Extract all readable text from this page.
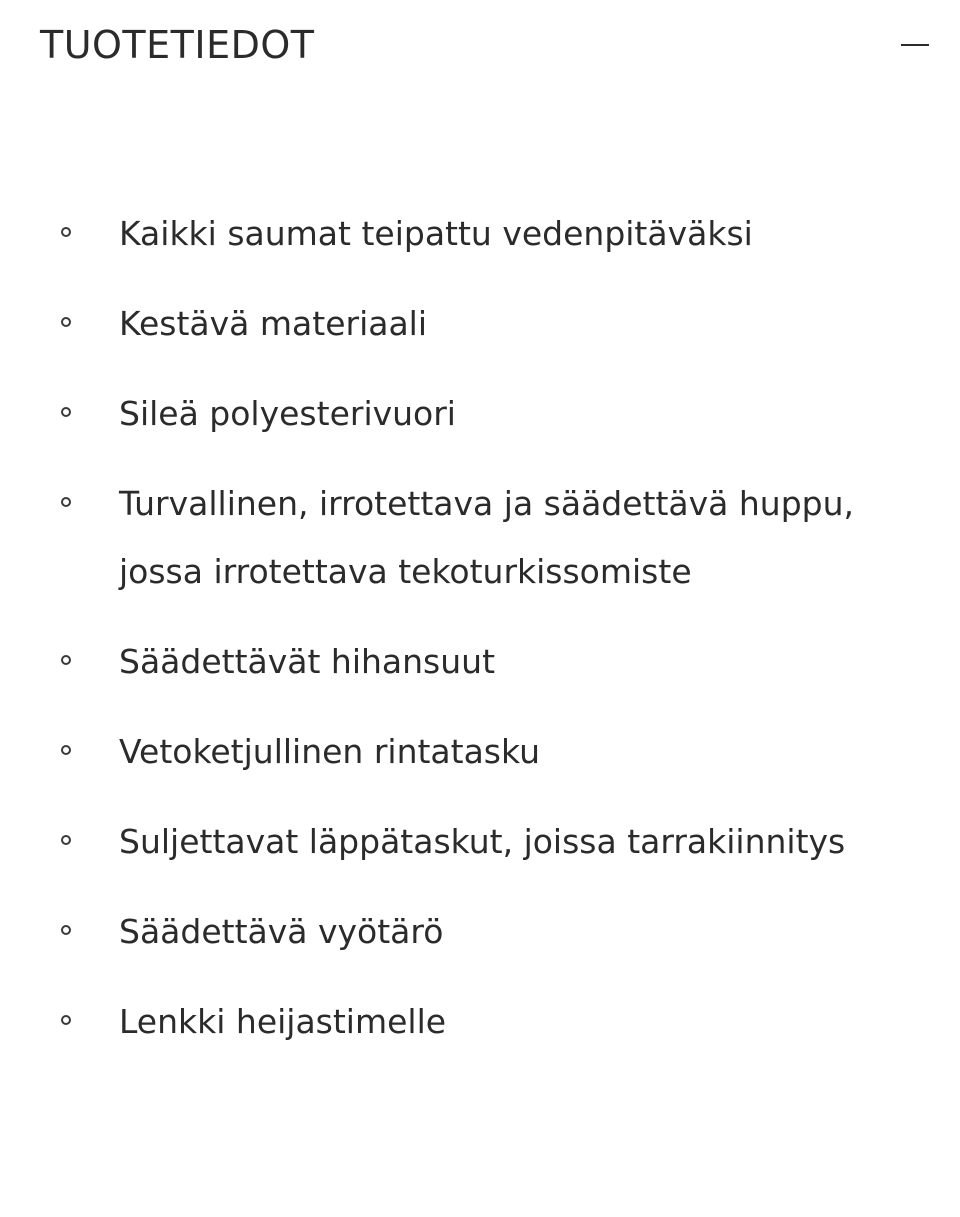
TUOTETIEDOT
Kaikki saumat teipattu vedenpitäväksi
Kestävä materiaali
Sileä polyesterivuori
Turvallinen, irrotettava ja säädettävä huppu, jossa irrotettava tekoturkissomiste
Säädettävät hihansuut
Vetoketjullinen rintatasku
Suljettavat läppätaskut, joissa tarrakiinnitys
Säädettävä vyötärö
Lenkki heijastimelle
